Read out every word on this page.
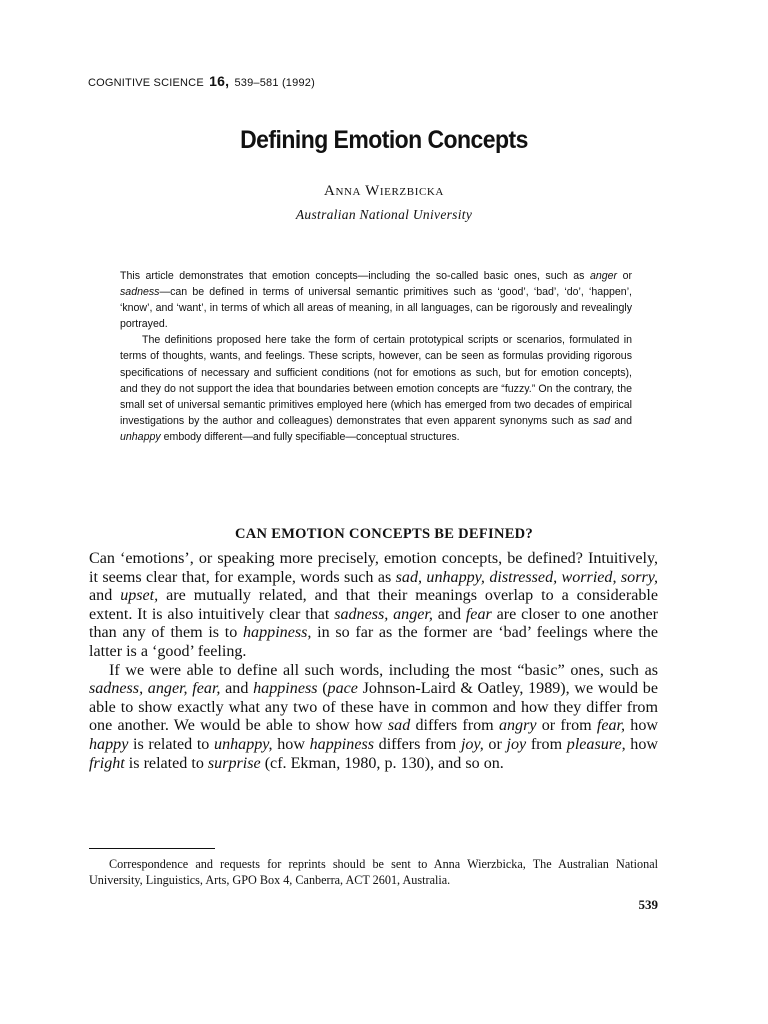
COGNITIVE SCIENCE 16, 539–581 (1992)
Defining Emotion Concepts
Anna Wierzbicka
Australian National University

This article demonstrates that emotion concepts—including the so-called basic ones, such as anger or sadness—can be defined in terms of universal semantic primitives such as ‘good’, ‘bad’, ‘do’, ‘happen’, ‘know’, and ‘want’, in terms of which all areas of meaning, in all languages, can be rigorously and revealingly portrayed.

The definitions proposed here take the form of certain prototypical scripts or scenarios, formulated in terms of thoughts, wants, and feelings. These scripts, however, can be seen as formulas providing rigorous specifications of necessary and sufficient conditions (not for emotions as such, but for emotion concepts), and they do not support the idea that boundaries between emotion concepts are “fuzzy.” On the contrary, the small set of universal semantic primitives employed here (which has emerged from two decades of empirical investigations by the author and colleagues) demonstrates that even apparent synonyms such as sad and unhappy embody different—and fully specifiable—conceptual structures.

CAN EMOTION CONCEPTS BE DEFINED?

Can ‘emotions’, or speaking more precisely, emotion concepts, be defined? Intuitively, it seems clear that, for example, words such as sad, unhappy, distressed, worried, sorry, and upset, are mutually related, and that their meanings overlap to a considerable extent. It is also intuitively clear that sadness, anger, and fear are closer to one another than any of them is to happiness, in so far as the former are ‘bad’ feelings where the latter is a ‘good’ feeling.

If we were able to define all such words, including the most “basic” ones, such as sadness, anger, fear, and happiness (pace Johnson-Laird & Oatley, 1989), we would be able to show exactly what any two of these have in common and how they differ from one another. We would be able to show how sad differs from angry or from fear, how happy is related to unhappy, how happiness differs from joy, or joy from pleasure, how fright is related to surprise (cf. Ekman, 1980, p. 130), and so on.

Correspondence and requests for reprints should be sent to Anna Wierzbicka, The Australian National University, Linguistics, Arts, GPO Box 4, Canberra, ACT 2601, Australia.

539
